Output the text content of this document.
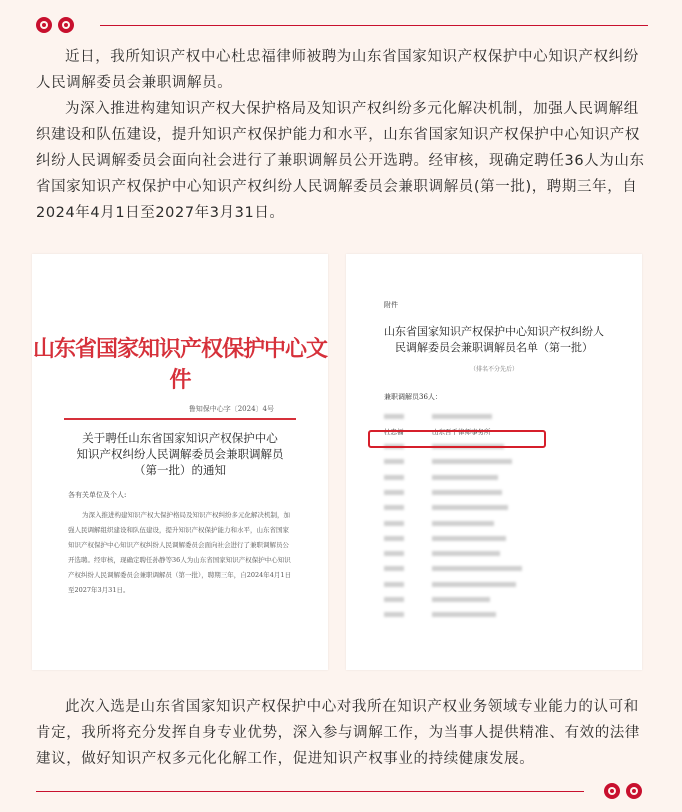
近日，我所知识产权中心杜忠福律师被聘为山东省国家知识产权保护中心知识产权纠纷人民调解委员会兼职调解员。

为深入推进构建知识产权大保护格局及知识产权纠纷多元化解决机制，加强人民调解组织建设和队伍建设，提升知识产权保护能力和水平，山东省国家知识产权保护中心知识产权纠纷人民调解委员会面向社会进行了兼职调解员公开选聘。经审核，现确定聘任36人为山东省国家知识产权保护中心知识产权纠纷人民调解委员会兼职调解员(第一批)，聘期三年，自2024年4月1日至2027年3月31日。

山东省国家知识产权保护中心文件
鲁知保中心字〔2024〕4号
关于聘任山东省国家知识产权保护中心
知识产权纠纷人民调解委员会兼职调解员
（第一批）的通知
各有关单位及个人:

为深入推进构建知识产权大保护格局及知识产权纠纷多元化解决机制，加强人民调解组织建设和队伍建设，提升知识产权保护能力和水平，山东省国家知识产权保护中心知识产权纠纷人民调解委员会面向社会进行了兼职调解员公开选聘。经审核，现确定聘任孙静等36人为山东省国家知识产权保护中心知识产权纠纷人民调解委员会兼职调解员（第一批），聘期三年，自2024年4月1日至2027年3月31日。

附件
山东省国家知识产权保护中心知识产权纠纷人
民调解委员会兼职调解员名单（第一批）
（排名不分先后）
兼职调解员36人：
杜忠福	山东吾千律师事务所

此次入选是山东省国家知识产权保护中心对我所在知识产权业务领域专业能力的认可和肯定，我所将充分发挥自身专业优势，深入参与调解工作，为当事人提供精准、有效的法律建议，做好知识产权多元化化解工作，促进知识产权事业的持续健康发展。
